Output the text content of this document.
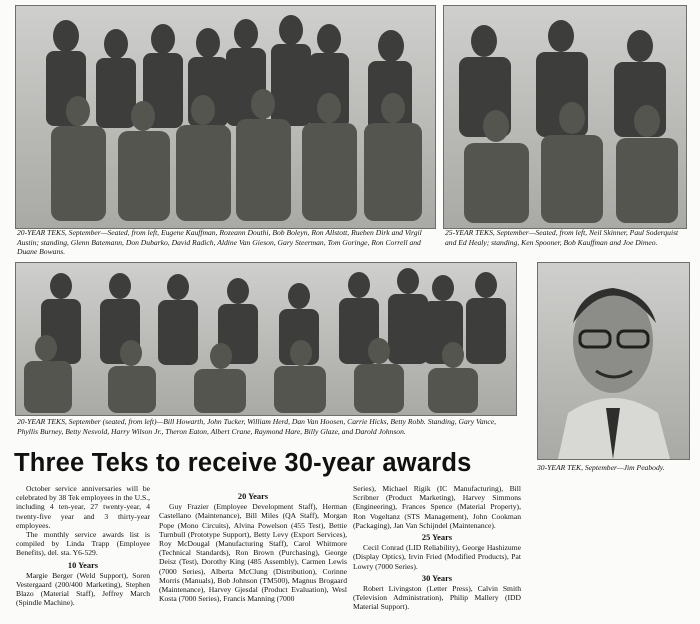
20-YEAR TEKS, September—Seated, from left, Eugene Kauffman, Rozeann Douthi, Bob Boleyn, Ron Allstott, Rueben Dirk and Virgil Austin; standing, Glenn Batemann, Don Dubarko, David Radich, Aldine Van Gieson, Gary Steerman, Tom Goringe, Ron Correll and Duane Bowans.

25-YEAR TEKS, September—Seated, from left, Neil Skinner, Paul Soderquist and Ed Healy; standing, Ken Spooner, Bob Kauffman and Joe Dimeo.

20-YEAR TEKS, September (seated, from left)—Bill Howarth, John Tucker, William Herd, Dan Van Hoosen, Carrie Hicks, Betty Robb. Standing, Gary Vance, Phyllis Burney, Betty Nesvold, Harry Wilson Jr., Theron Eaton, Albert Crane, Raymond Hare, Billy Glaze, and Darold Johnson.

30-YEAR TEK, September—Jim Peabody.

Three Teks to receive 30-year awards

October service anniversaries will be celebrated by 38 Tek employees in the U.S., including 4 ten-year, 27 twenty-year, 4 twenty-five year and 3 thirty-year employees.

The monthly service awards list is compiled by Linda Trapp (Employee Benefits), del. sta. Y6-529.

10 Years

Margie Berger (Weld Support), Soren Vestergaard (200/400 Marketing), Stephen Blazo (Material Staff), Jeffrey March (Spindle Machine).

20 Years

Guy Frazier (Employee Development Staff), Herman Castellano (Maintenance), Bill Miles (QA Staff), Morgan Pope (Mono Circuits), Alvina Powelson (455 Test), Bettie Turnbull (Prototype Support), Betty Levy (Export Services), Roy McDougal (Manufacturing Staff), Carol Whitmore (Technical Standards), Ron Brown (Purchasing), George Deisz (Test), Dorothy King (485 Assembly), Carmen Lewis (7000 Series), Alberta McClung (Distribution), Corinne Morris (Manuals), Bob Johnson (TM500), Magnus Brogaard (Maintenance), Harvey Gjesdal (Product Evaluation), Wesl Kosta (7000 Series), Francis Manning (7000

Series), Michael Rigik (IC Manufacturing), Bill Scribner (Product Marketing), Harvey Simmons (Engineering), Frances Spence (Material Property), Ron Vogeltanz (STS Management), John Cookman (Packaging), Jan Van Schijndel (Maintenance).

25 Years

Cecil Conrad (LID Reliability), George Hashizume (Display Optics), Irvin Fried (Modified Products), Pat Lowry (7000 Series).

30 Years

Robert Livingston (Letter Press), Calvin Smith (Television Administration), Philip Mallery (IDD Material Support).
